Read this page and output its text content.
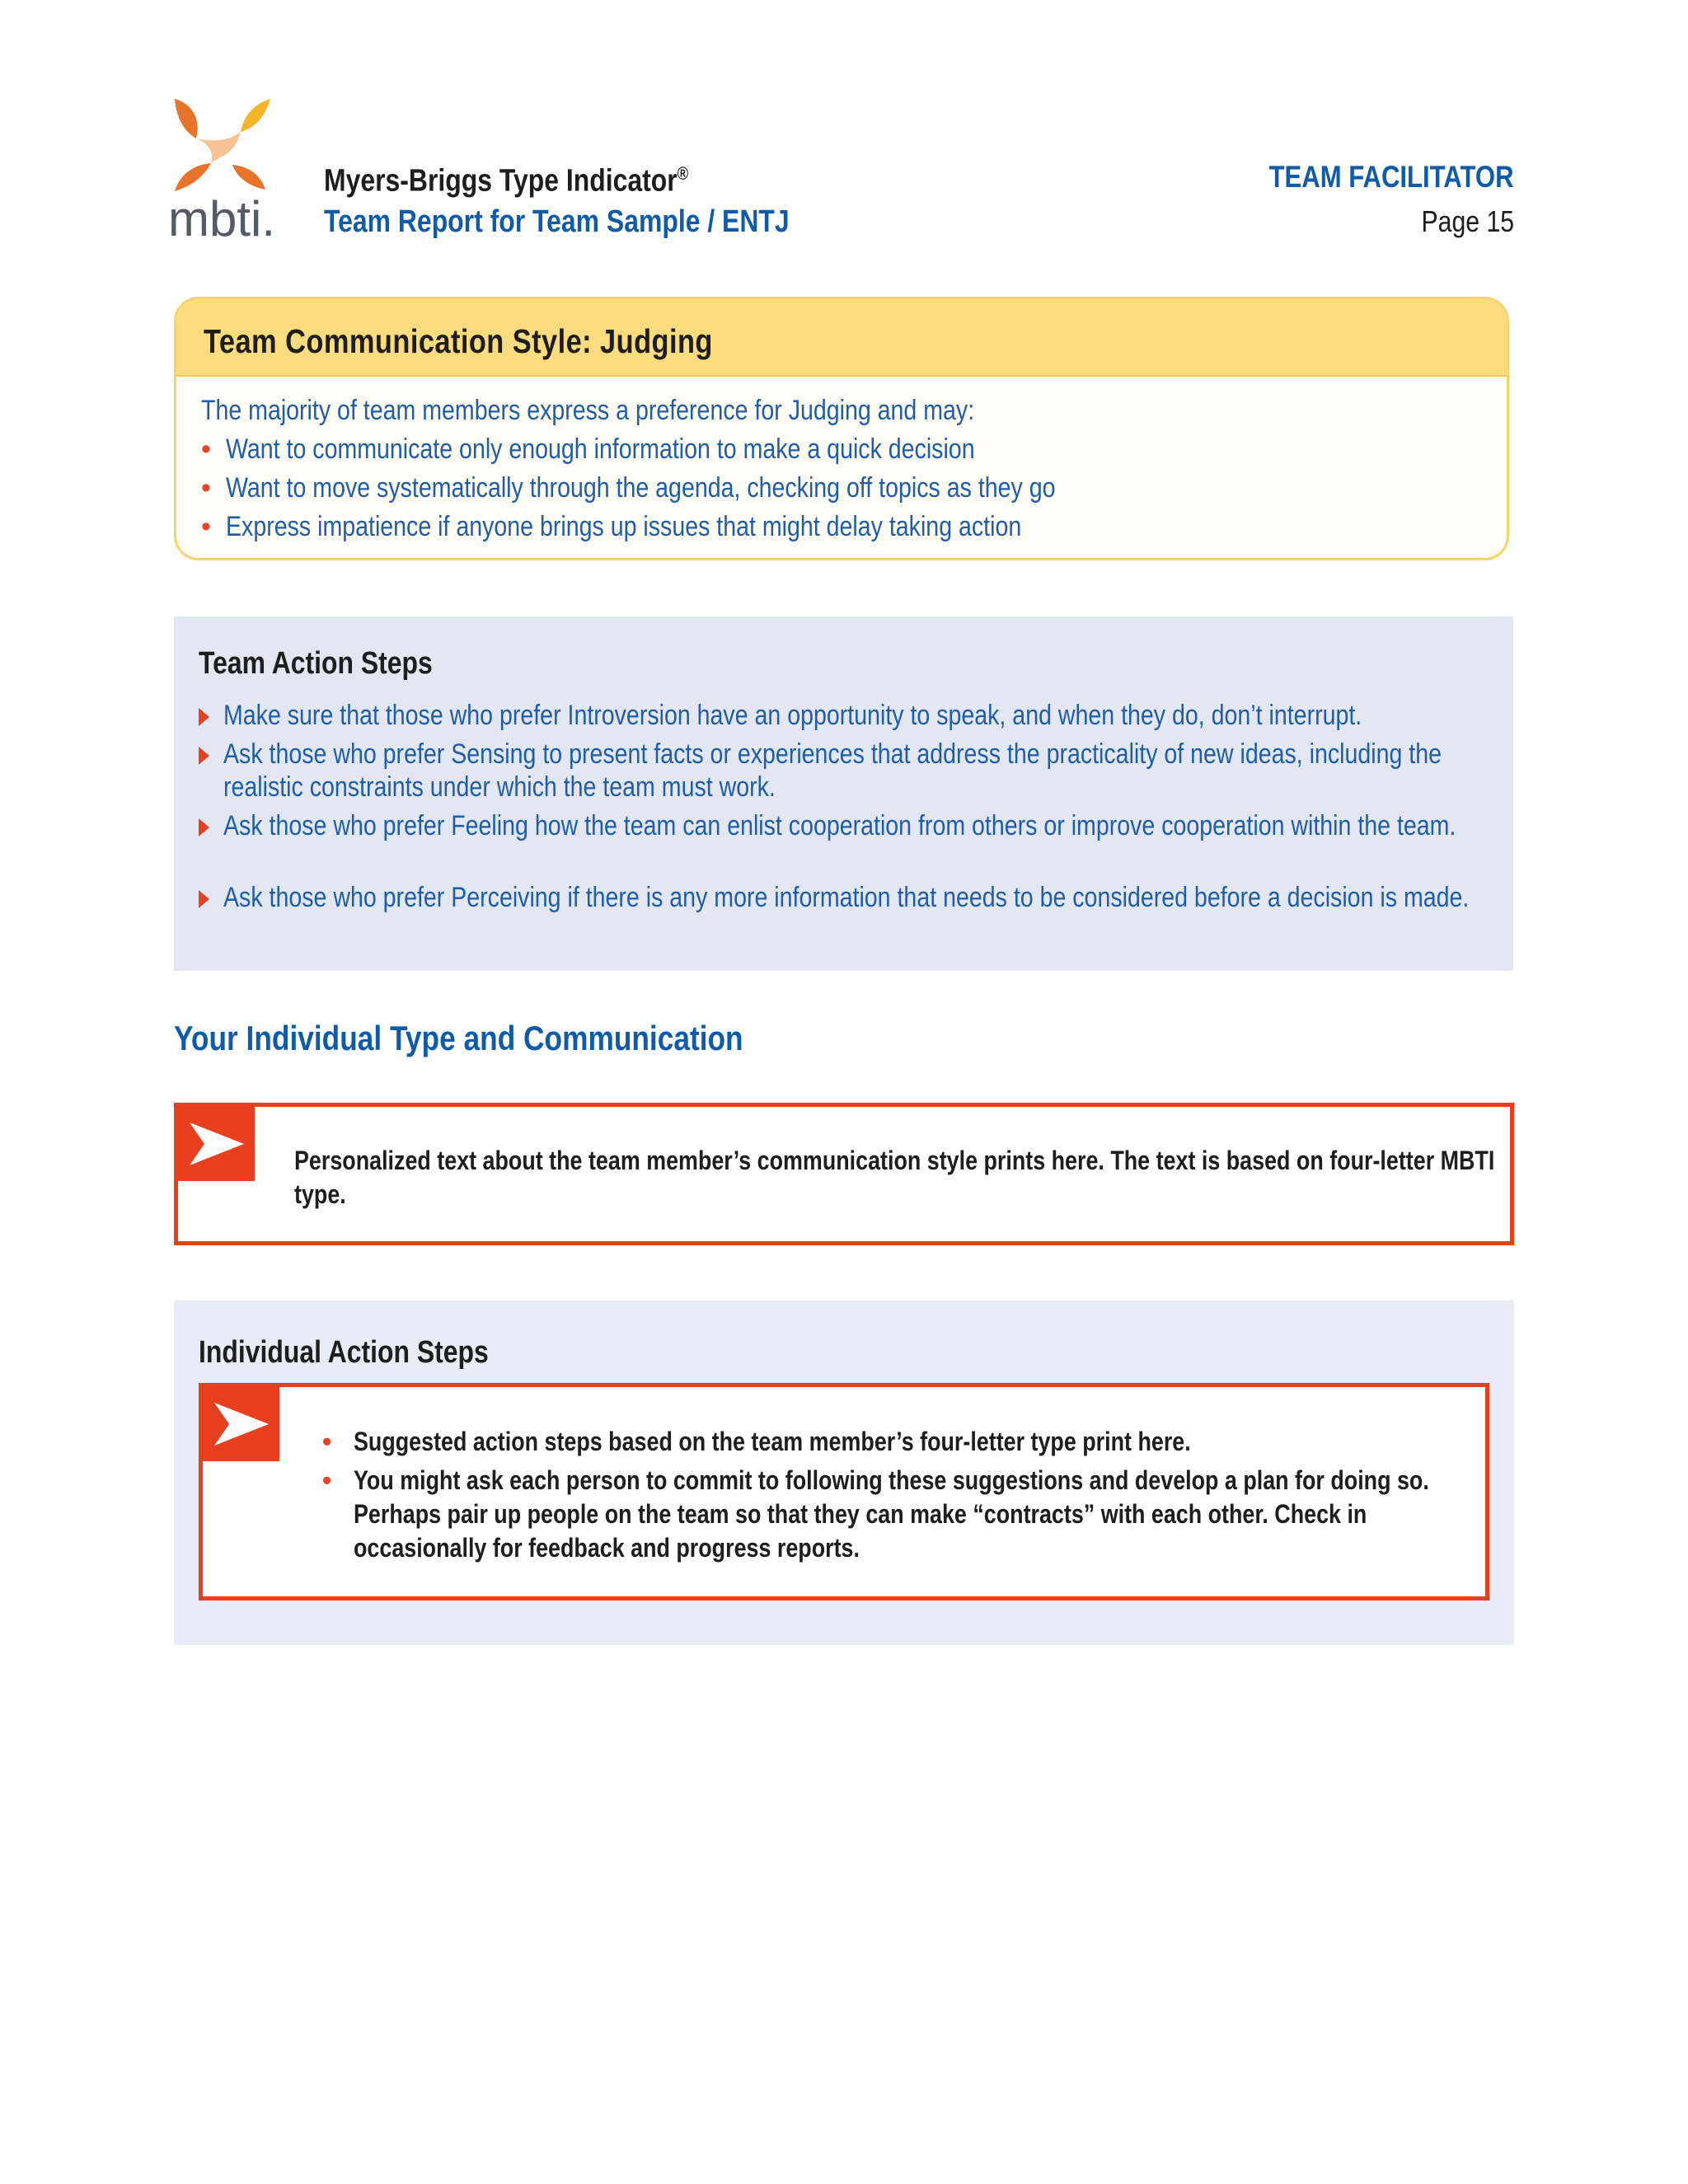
mbti.
Myers-Briggs Type Indicator®
Team Report for Team Sample / ENTJ
TEAM FACILITATOR
Page 15
Team Communication Style: Judging
The majority of team members express a preference for Judging and may:
• Want to communicate only enough information to make a quick decision
• Want to move systematically through the agenda, checking off topics as they go
• Express impatience if anyone brings up issues that might delay taking action
Team Action Steps
Make sure that those who prefer Introversion have an opportunity to speak, and when they do, don’t interrupt.
Ask those who prefer Sensing to present facts or experiences that address the practicality of new ideas, including the realistic constraints under which the team must work.
Ask those who prefer Feeling how the team can enlist cooperation from others or improve cooperation within the team.
Ask those who prefer Perceiving if there is any more information that needs to be considered before a decision is made.
Your Individual Type and Communication
Personalized text about the team member’s communication style prints here. The text is based on four-letter MBTI type.
Individual Action Steps
• Suggested action steps based on the team member’s four-letter type print here.
• You might ask each person to commit to following these suggestions and develop a plan for doing so. Perhaps pair up people on the team so that they can make “contracts” with each other. Check in occasionally for feedback and progress reports.
